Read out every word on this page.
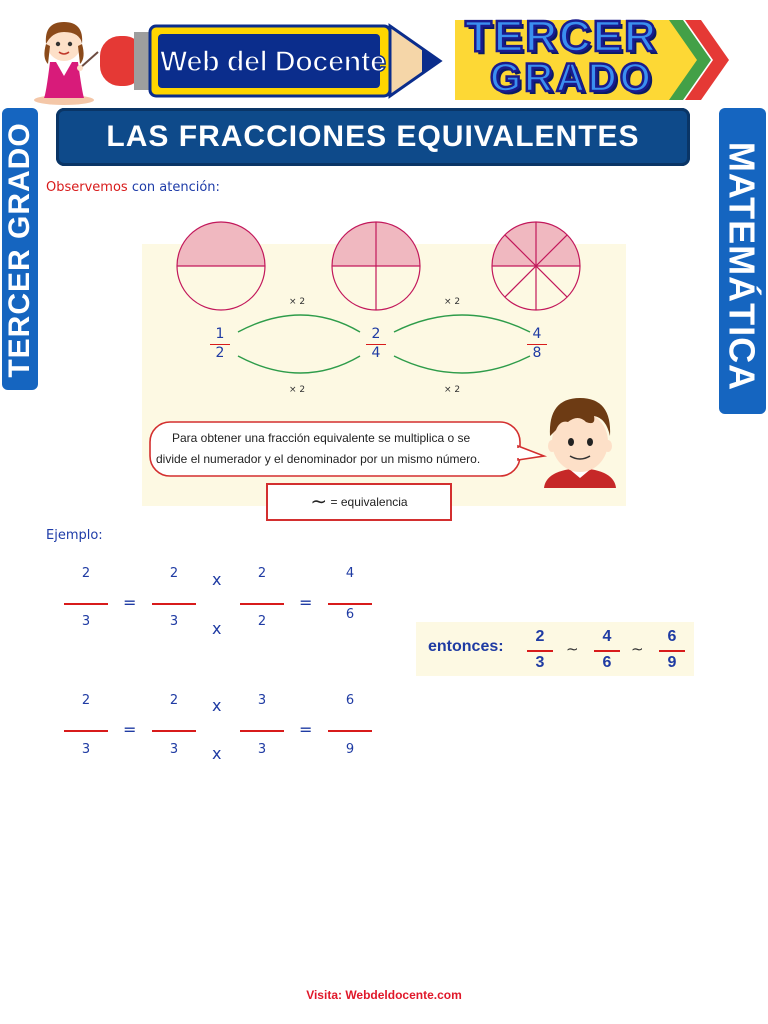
Web del Docente
TERCER
GRADO
LAS FRACCIONES EQUIVALENTES
TERCER GRADO	MATEMÁTICA
Observemos con atención:
× 2	× 2
× 2	× 2
1
2
2
4
4
8
Para obtener una fracción equivalente se multiplica o se
divide el numerador y el denominador por un mismo número.
∼ = equivalencia
Ejemplo:
2
3
=
2
3
x
x
2
2
=
4
6
2
3
=
2
3
x
x
3
3
=
6
9
entonces:
2
3
∼
4
6
∼
6
9
Visita: Webdeldocente.com
